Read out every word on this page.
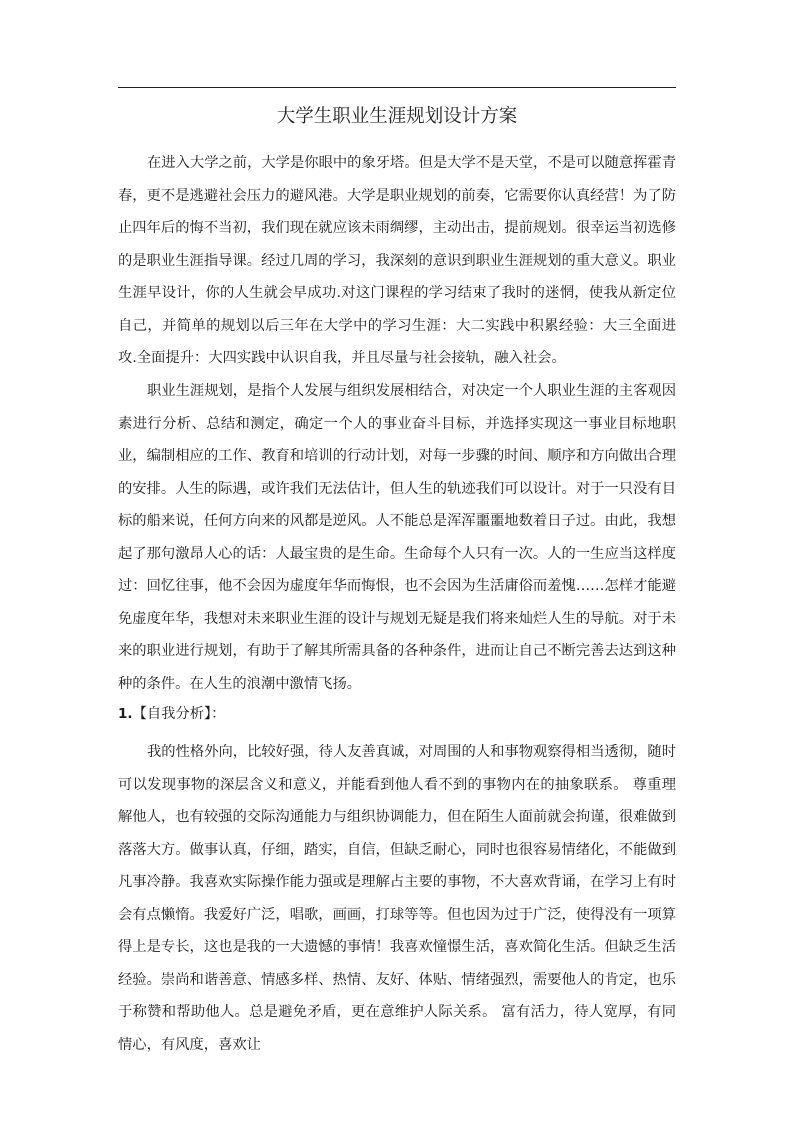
大学生职业生涯规划设计方案

在进入大学之前，大学是你眼中的象牙塔。但是大学不是天堂，不是可以随意挥霍青春，更不是逃避社会压力的避风港。大学是职业规划的前奏，它需要你认真经营！为了防止四年后的悔不当初，我们现在就应该未雨绸缪，主动出击，提前规划。很幸运当初选修的是职业生涯指导课。经过几周的学习，我深刻的意识到职业生涯规划的重大意义。职业生涯早设计，你的人生就会早成功.对这门课程的学习结束了我时的迷惘，使我从新定位自己，并简单的规划以后三年在大学中的学习生涯：大二实践中积累经验：大三全面进攻.全面提升：大四实践中认识自我，并且尽量与社会接轨，融入社会。

职业生涯规划，是指个人发展与组织发展相结合，对决定一个人职业生涯的主客观因素进行分析、总结和测定，确定一个人的事业奋斗目标，并选择实现这一事业目标地职业，编制相应的工作、教育和培训的行动计划，对每一步骤的时间、顺序和方向做出合理的安排。人生的际遇，或许我们无法估计，但人生的轨迹我们可以设计。对于一只没有目标的船来说，任何方向来的风都是逆风。人不能总是浑浑噩噩地数着日子过。由此，我想起了那句激昂人心的话：人最宝贵的是生命。生命每个人只有一次。人的一生应当这样度过：回忆往事，他不会因为虚度年华而悔恨，也不会因为生活庸俗而羞愧……怎样才能避免虚度年华，我想对未来职业生涯的设计与规划无疑是我们将来灿烂人生的导航。对于未来的职业进行规划，有助于了解其所需具备的各种条件，进而让自己不断完善去达到这种种的条件。在人生的浪潮中激情飞扬。

1.【自我分析】：

我的性格外向，比较好强，待人友善真诚，对周围的人和事物观察得相当透彻，随时可以发现事物的深层含义和意义，并能看到他人看不到的事物内在的抽象联系。 尊重理解他人，也有较强的交际沟通能力与组织协调能力，但在陌生人面前就会拘谨，很难做到落落大方。做事认真，仔细，踏实，自信，但缺乏耐心，同时也很容易情绪化，不能做到凡事冷静。我喜欢实际操作能力强或是理解占主要的事物，不大喜欢背诵，在学习上有时会有点懒惰。我爱好广泛，唱歌，画画，打球等等。但也因为过于广泛，使得没有一项算得上是专长，这也是我的一大遗憾的事情！我喜欢憧憬生活，喜欢简化生活。但缺乏生活经验。崇尚和谐善意、情感多样、热情、友好、体贴、情绪强烈，需要他人的肯定，也乐于称赞和帮助他人。总是避免矛盾，更在意维护人际关系。 富有活力，待人宽厚，有同情心，有风度，喜欢让
